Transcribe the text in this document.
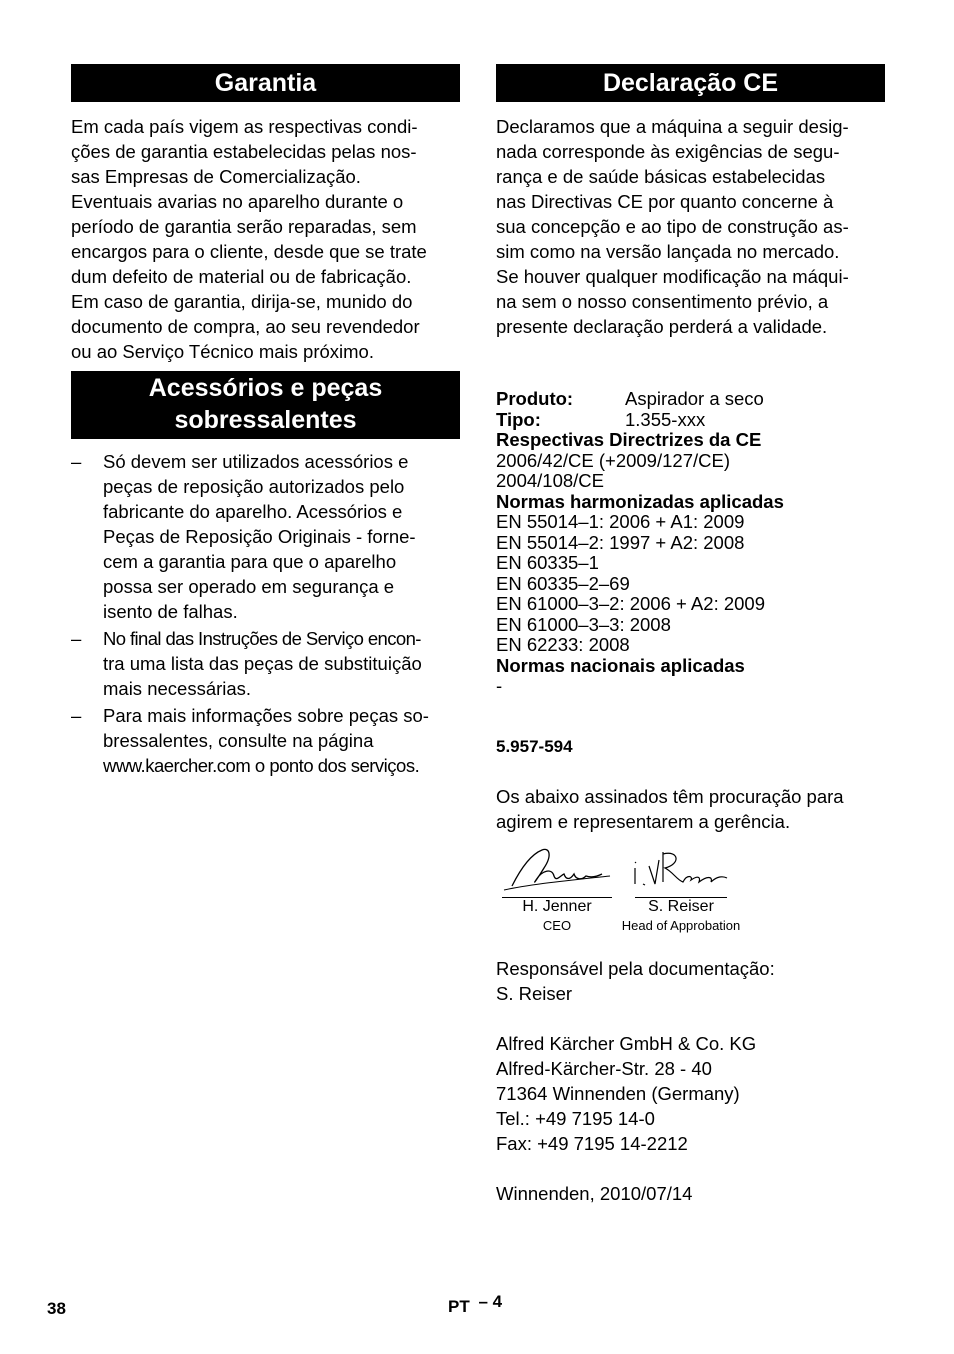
Garantia

Em cada país vigem as respectivas condi-

ções de garantia estabelecidas pelas nos-

sas Empresas de Comercialização.

Eventuais avarias no aparelho durante o

período de garantia serão reparadas, sem

encargos para o cliente, desde que se trate

dum defeito de material ou de fabricação.

Em caso de garantia, dirija-se, munido do

documento de compra, ao seu revendedor

ou ao Serviço Técnico mais próximo.

Acessórios e peças
sobressalentes
– Só devem ser utilizados acessórios e

peças de reposição autorizados pelo

fabricante do aparelho. Acessórios e

Peças de Reposição Originais - forne-

cem a garantia para que o aparelho

possa ser operado em segurança e

isento de falhas.

– No final das Instruções de Serviço encon-

tra uma lista das peças de substituição

mais necessárias.

– Para mais informações sobre peças so-

bressalentes, consulte na página

www.kaercher.com o ponto dos serviços.

Declaração CE

Declaramos que a máquina a seguir desig-

nada corresponde às exigências de segu-

rança e de saúde básicas estabelecidas

nas Directivas CE por quanto concerne à

sua concepção e ao tipo de construção as-

sim como na versão lançada no mercado.

Se houver qualquer modificação na máqui-

na sem o nosso consentimento prévio, a

presente declaração perderá a validade.

Produto:	Aspirador a seco
Tipo:	1.355-xxx
Respectivas Directrizes da CE
2006/42/CE (+2009/127/CE)
2004/108/CE
Normas harmonizadas aplicadas
EN 55014–1: 2006 + A1: 2009
EN 55014–2: 1997 + A2: 2008
EN 60335–1
EN 60335–2–69
EN 61000–3–2: 2006 + A2: 2009
EN 61000–3–3: 2008
EN 62233: 2008
Normas nacionais aplicadas
-

5.957-594

Os abaixo assinados têm procuração para

agirem e representarem a gerência.

H. Jenner
CEO
S. Reiser
Head of Approbation

Responsável pela documentação:

S. Reiser

Alfred Kärcher GmbH & Co. KG

Alfred-Kärcher-Str. 28 - 40

71364 Winnenden (Germany)

Tel.: +49 7195 14-0

Fax: +49 7195 14-2212

Winnenden, 2010/07/14

38	PT – 4
